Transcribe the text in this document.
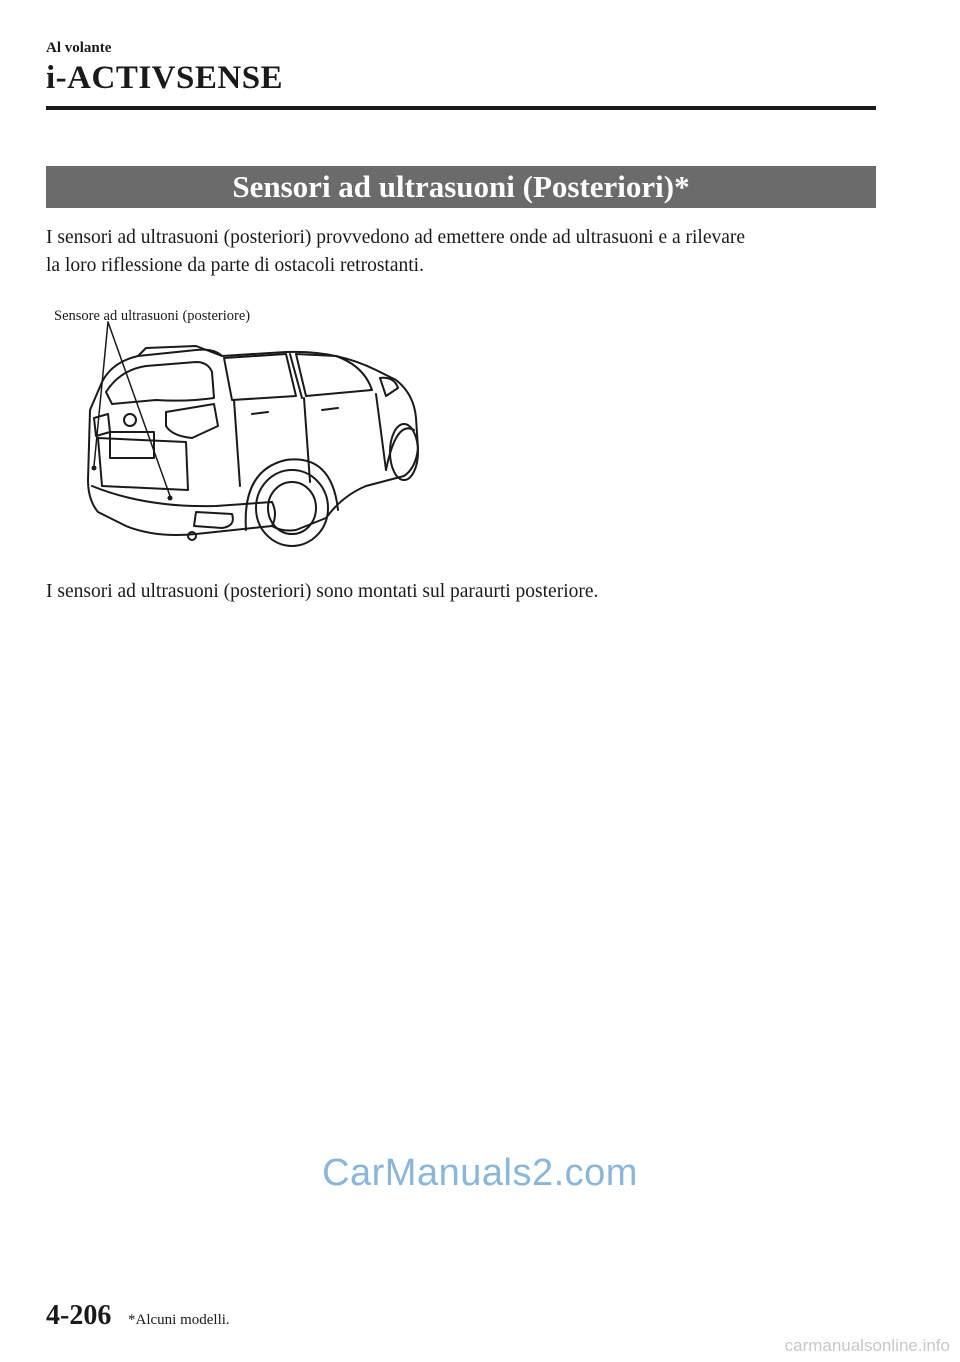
Al volante
i-ACTIVSENSE
Sensori ad ultrasuoni (Posteriori)*
I sensori ad ultrasuoni (posteriori) provvedono ad emettere onde ad ultrasuoni e a rilevare
la loro riflessione da parte di ostacoli retrostanti.
Sensore ad ultrasuoni (posteriore)
I sensori ad ultrasuoni (posteriori) sono montati sul paraurti posteriore.
CarManuals2.com
4-206 *Alcuni modelli.
carmanualsonline.info
